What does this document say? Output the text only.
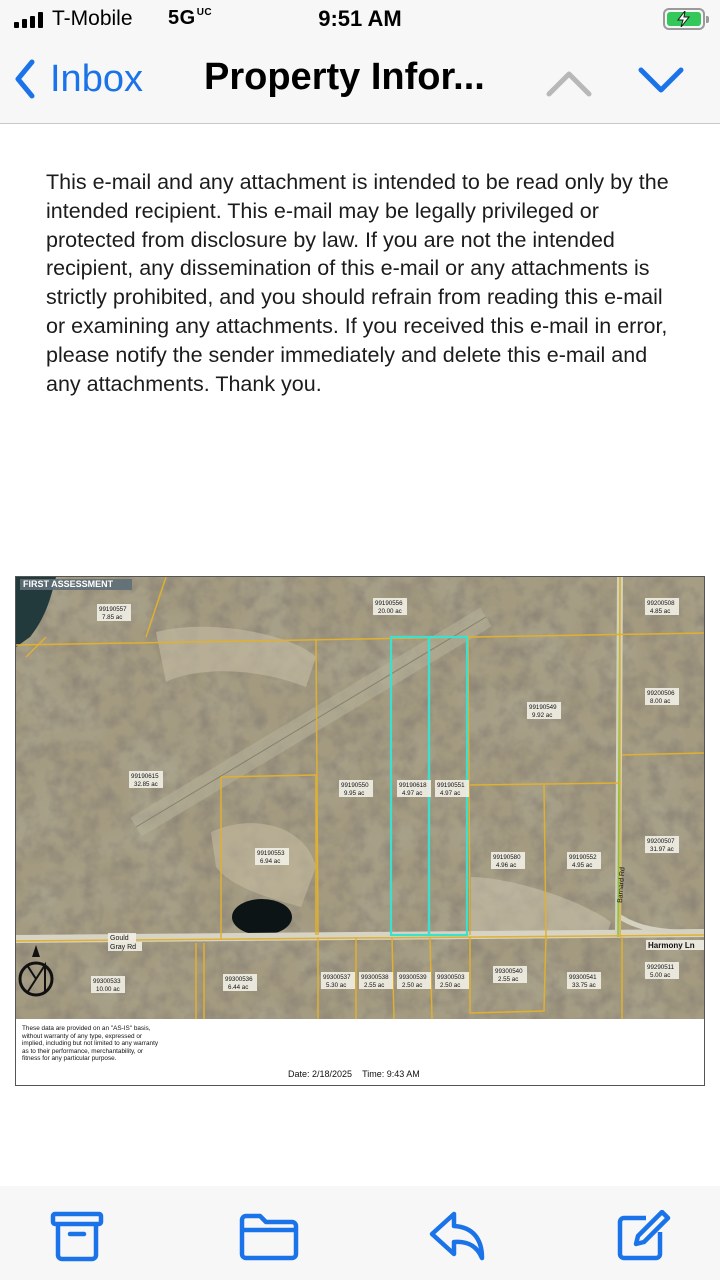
T-Mobile $5G^{UC}$	9:51 AM
Inbox Property Infor...
This e-mail and any attachment is intended to be read only by the intended recipient. This e-mail may be legally privileged or protected from disclosure by law. If you are not the intended recipient, any dissemination of this e-mail or any attachments is strictly prohibited, and you should refrain from reading this e-mail or examining any attachments. If you received this e-mail in error, please notify the sender immediately and delete this e-mail and any attachments. Thank you.
99190557
7.85 ac
99190556
20.00 ac
99200508
4.85 ac
99190549
9.92 ac
99200506
8.00 ac
99190615
32.85 ac	99190550
9.95 ac
99190618
4.97 ac
99190551
4.97 ac
99200507
31.97 ac
99190553
6.94 ac
99190580
4.96 ac
99190552
4.95 ac
99300533
10.00 ac
99300536
6.44 ac
99300537
5.30 ac
99300538
2.55 ac
99300539
2.50 ac
99300503
2.50 ac
99300540
2.55 ac	99300541
33.75 ac
99290511
5.00 ac
FIRST ASSESSMENT
Gould
Gray Rd
Barnard Rd
Harmony Ln
These data are provided on an "AS-IS" basis, without warranty of any type, expressed or implied, including but not limited to any warranty as to their performance, merchantability, or fitness for any particular purpose.
Date: 2/18/2025 Time: 9:43 AM
